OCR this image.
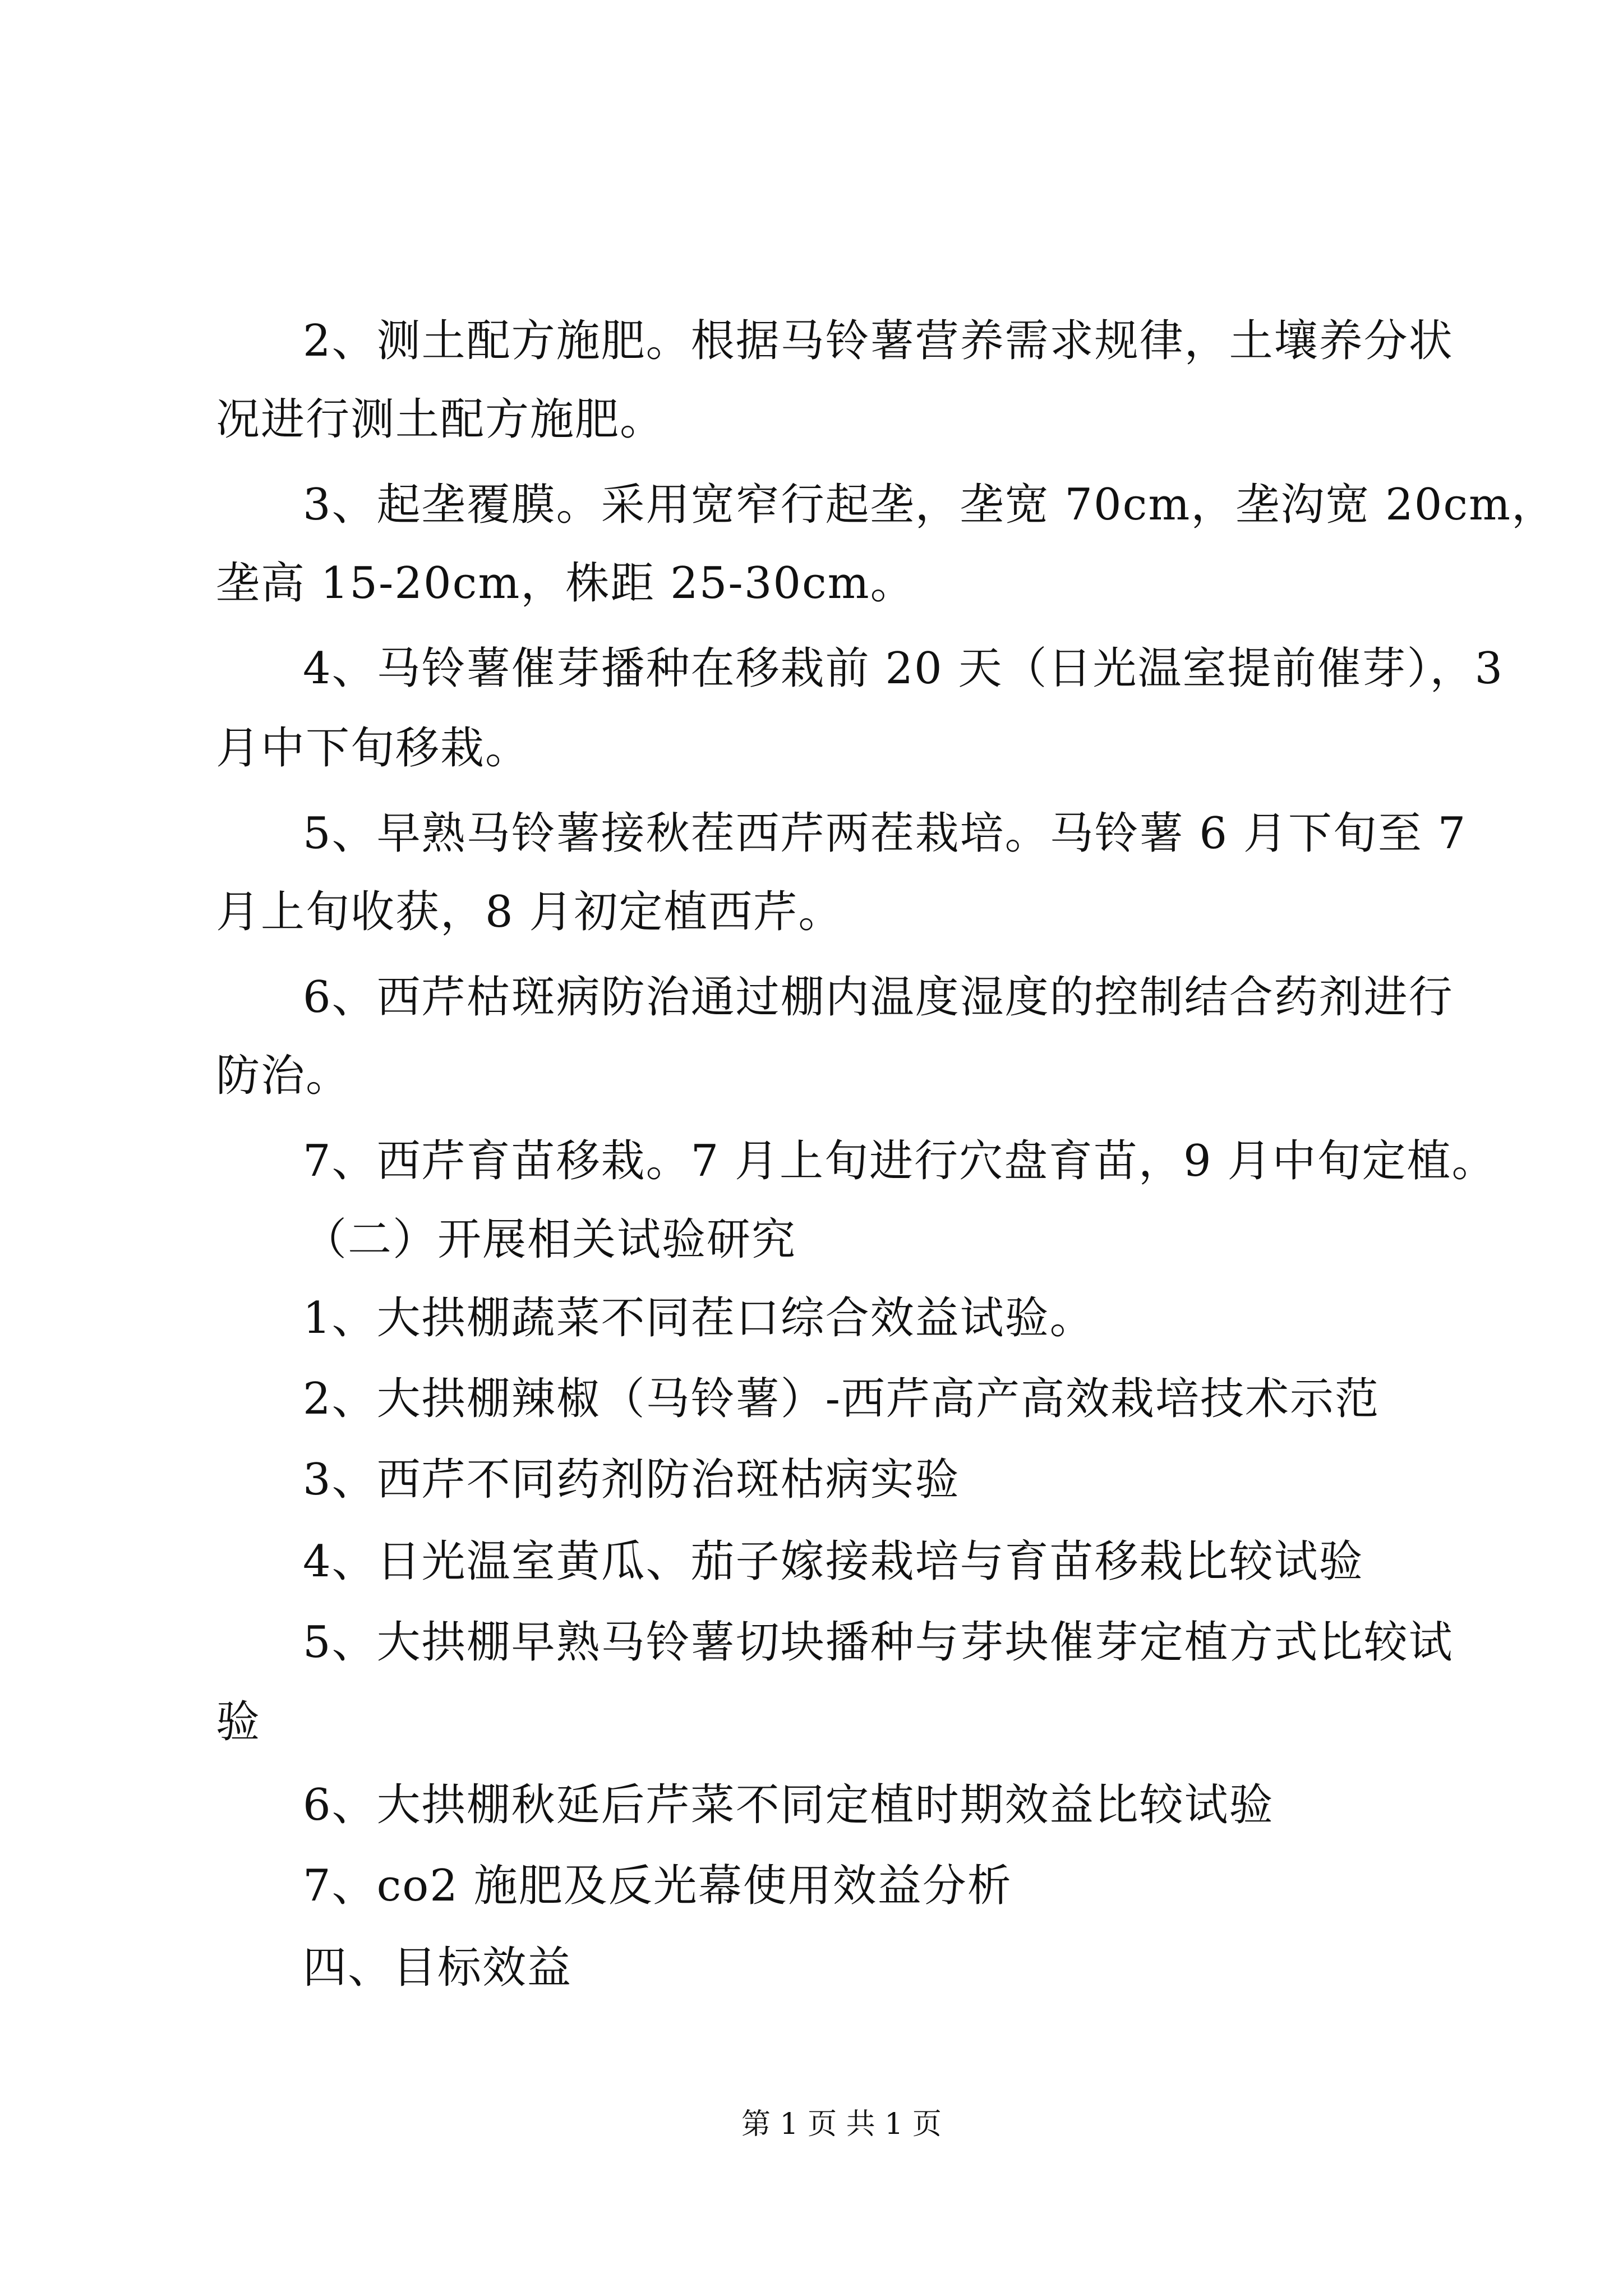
2、测土配方施肥。根据马铃薯营养需求规律，土壤养分状
况进行测土配方施肥。
3、起垄覆膜。采用宽窄行起垄，垄宽 70cm，垄沟宽 20cm，
垄高 15-20cm，株距 25-30cm。
4、马铃薯催芽播种在移栽前 20 天（日光温室提前催芽），3
月中下旬移栽。
5、早熟马铃薯接秋茬西芹两茬栽培。马铃薯 6 月下旬至 7
月上旬收获，8 月初定植西芹。
6、西芹枯斑病防治通过棚内温度湿度的控制结合药剂进行
防治。
7、西芹育苗移栽。7 月上旬进行穴盘育苗，9 月中旬定植。
（二）开展相关试验研究
1、大拱棚蔬菜不同茬口综合效益试验。
2、大拱棚辣椒（马铃薯）-西芹高产高效栽培技术示范
3、西芹不同药剂防治斑枯病实验
4、日光温室黄瓜、茄子嫁接栽培与育苗移栽比较试验
5、大拱棚早熟马铃薯切块播种与芽块催芽定植方式比较试
验
6、大拱棚秋延后芹菜不同定植时期效益比较试验
7、co2 施肥及反光幕使用效益分析
四、目标效益
第 1 页 共 1 页
